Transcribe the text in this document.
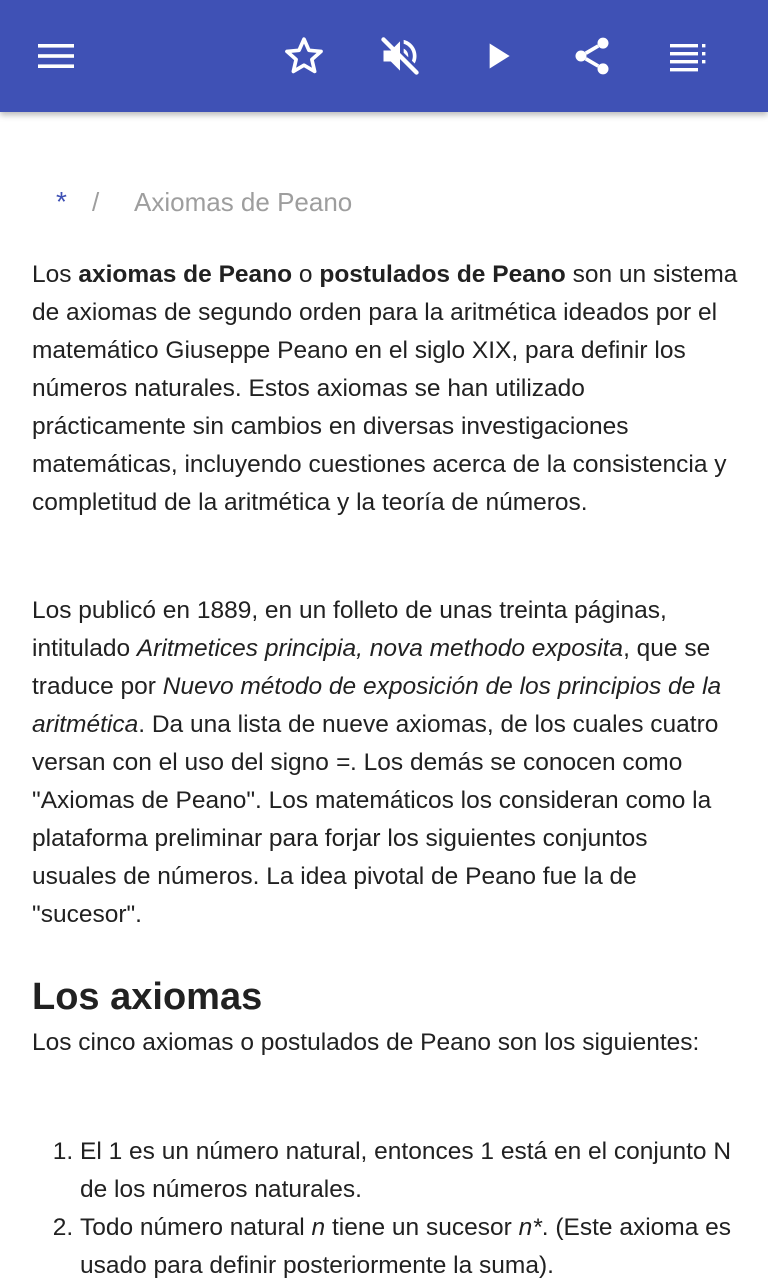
* /	Axiomas de Peano

Los axiomas de Peano o postulados de Peano son un sistema de axiomas de segundo orden para la aritmética ideados por el matemático Giuseppe Peano en el siglo XIX, para definir los números naturales. Estos axiomas se han utilizado prácticamente sin cambios en diversas investigaciones matemáticas, incluyendo cuestiones acerca de la consistencia y completitud de la aritmética y la teoría de números.

Los publicó en 1889, en un folleto de unas treinta páginas, intitulado Aritmetices principia, nova methodo exposita, que se traduce por Nuevo método de exposición de los principios de la aritmética. Da una lista de nueve axiomas, de los cuales cuatro versan con el uso del signo =. Los demás se conocen como "Axiomas de Peano". Los matemáticos los consideran como la plataforma preliminar para forjar los siguientes conjuntos usuales de números. La idea pivotal de Peano fue la de "sucesor".

Los axiomas

Los cinco axiomas o postulados de Peano son los siguientes:

1. El 1 es un número natural, entonces 1 está en el conjunto N de los números naturales.
2. Todo número natural n tiene un sucesor n*. (Este axioma es usado para definir posteriormente la suma).
